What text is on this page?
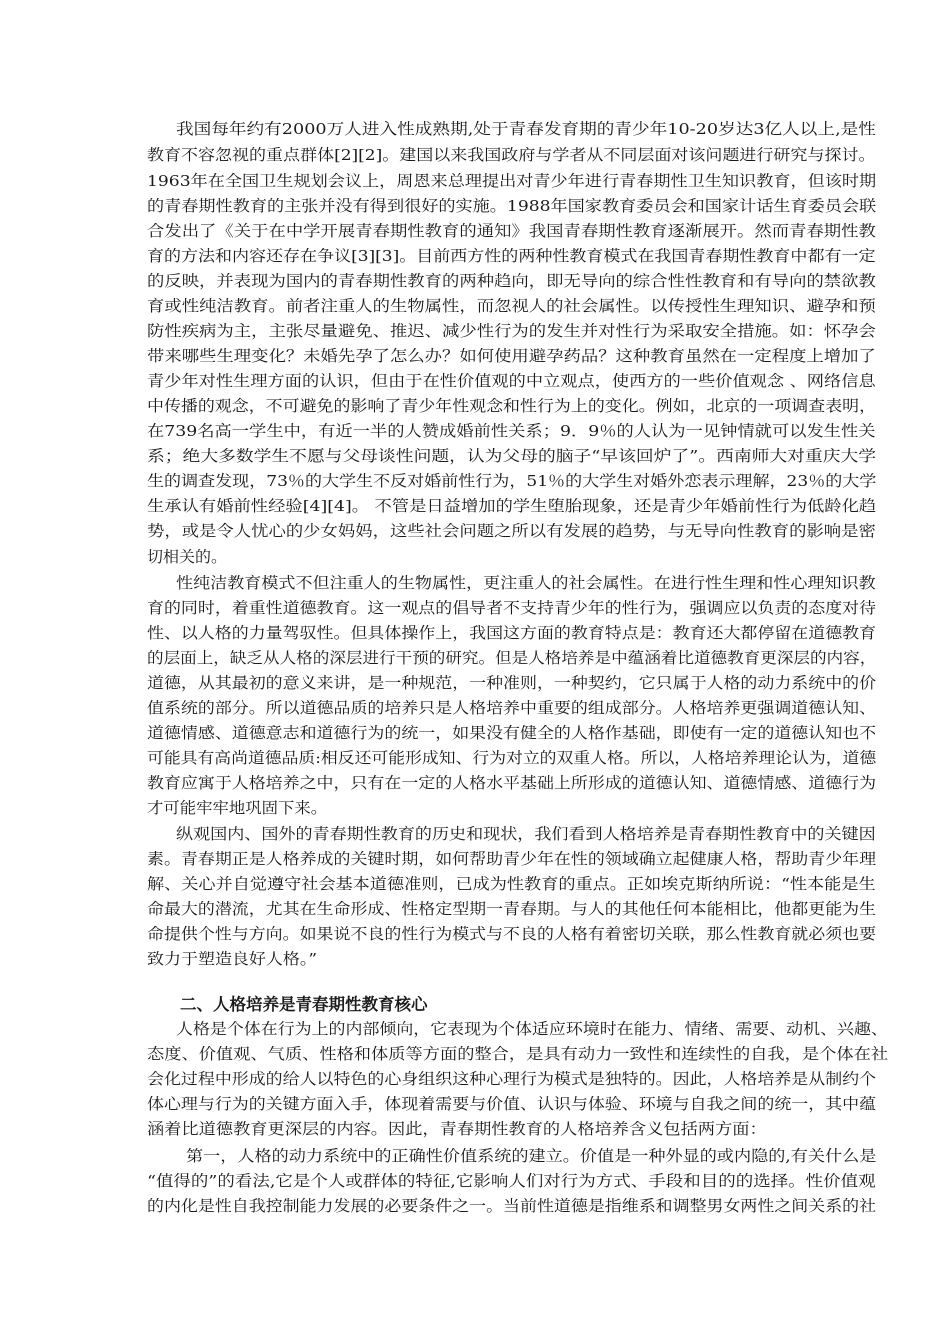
二、人格培养是青春期性教育核心
我国每年约有2000万人进入性成熟期,处于青春发育期的青少年10-20岁达3亿人以上,是性
教育不容忽视的重点群体[2][2]。建国以来我国政府与学者从不同层面对该问题进行研究与探讨。
1963年在全国卫生规划会议上，周恩来总理提出对青少年进行青春期性卫生知识教育，但该时期
的青春期性教育的主张并没有得到很好的实施。1988年国家教育委员会和国家计话生育委员会联
合发出了《关于在中学开展青春期性教育的通知》我国青春期性教育逐渐展开。然而青春期性教
育的方法和内容还存在争议[3][3]。目前西方性的两种性教育模式在我国青春期性教育中都有一定
的反映，并表现为国内的青春期性教育的两种趋向，即无导向的综合性性教育和有导向的禁欲教
育或性纯洁教育。前者注重人的生物属性，而忽视人的社会属性。以传授性生理知识、避孕和预
防性疾病为主，主张尽量避免、推迟、减少性行为的发生并对性行为采取安全措施。如：怀孕会
带来哪些生理变化？未婚先孕了怎么办？如何使用避孕药品？这种教育虽然在一定程度上增加了
青少年对性生理方面的认识，但由于在性价值观的中立观点，使西方的一些价值观念 、网络信息
中传播的观念，不可避免的影响了青少年性观念和性行为上的变化。例如，北京的一项调查表明，
在739名高一学生中，有近一半的人赞成婚前性关系；9．9％的人认为一见钟情就可以发生性关
系；绝大多数学生不愿与父母谈性问题，认为父母的脑子“早该回炉了”。西南师大对重庆大学
生的调查发现，73％的大学生不反对婚前性行为，51％的大学生对婚外恋表示理解，23％的大学
生承认有婚前性经验[4][4]。 不管是日益增加的学生堕胎现象，还是青少年婚前性行为低龄化趋
势，或是令人忧心的少女妈妈，这些社会问题之所以有发展的趋势，与无导向性教育的影响是密
切相关的。
性纯洁教育模式不但注重人的生物属性，更注重人的社会属性。在进行性生理和性心理知识教
育的同时，着重性道德教育。这一观点的倡导者不支持青少年的性行为，强调应以负责的态度对待
性、以人格的力量驾驭性。但具体操作上，我国这方面的教育特点是：教育还大都停留在道德教育
的层面上，缺乏从人格的深层进行干预的研究。但是人格培养是中蕴涵着比道德教育更深层的内容，
道德，从其最初的意义来讲，是一种规范，一种准则，一种契约，它只属于人格的动力系统中的价
值系统的部分。所以道德品质的培养只是人格培养中重要的组成部分。人格培养更强调道德认知、
道德情感、道德意志和道德行为的统一，如果没有健全的人格作基础，即使有一定的道德认知也不
可能具有高尚道德品质:相反还可能形成知、行为对立的双重人格。所以，人格培养理论认为，道德
教育应寓于人格培养之中，只有在一定的人格水平基础上所形成的道德认知、道德情感、道德行为
才可能牢牢地巩固下来。
纵观国内、国外的青春期性教育的历史和现状，我们看到人格培养是青春期性教育中的关键因
素。青春期正是人格养成的关键时期，如何帮助青少年在性的领域确立起健康人格，帮助青少年理
解、关心并自觉遵守社会基本道德准则，已成为性教育的重点。正如埃克斯纳所说：“性本能是生
命最大的潜流，尤其在生命形成、性格定型期一青春期。与人的其他任何本能相比，他都更能为生
命提供个性与方向。如果说不良的性行为模式与不良的人格有着密切关联，那么性教育就必须也要
致力于塑造良好人格。”
人格是个体在行为上的内部倾向，它表现为个体适应环境时在能力、情绪、需要、动机、兴趣、
态度、价值观、气质、性格和体质等方面的整合，是具有动力一致性和连续性的自我，是个体在社
会化过程中形成的给人以特色的心身组织这种心理行为模式是独特的。因此，人格培养是从制约个
体心理与行为的关键方面入手，体现着需要与价值、认识与体验、环境与自我之间的统一，其中蕴
涵着比道德教育更深层的内容。因此，青春期性教育的人格培养含义包括两方面：
第一，人格的动力系统中的正确性价值系统的建立。价值是一种外显的或内隐的,有关什么是
“值得的”的看法,它是个人或群体的特征,它影响人们对行为方式、手段和目的的选择。性价值观
的内化是性自我控制能力发展的必要条件之一。当前性道德是指维系和调整男女两性之间关系的社
